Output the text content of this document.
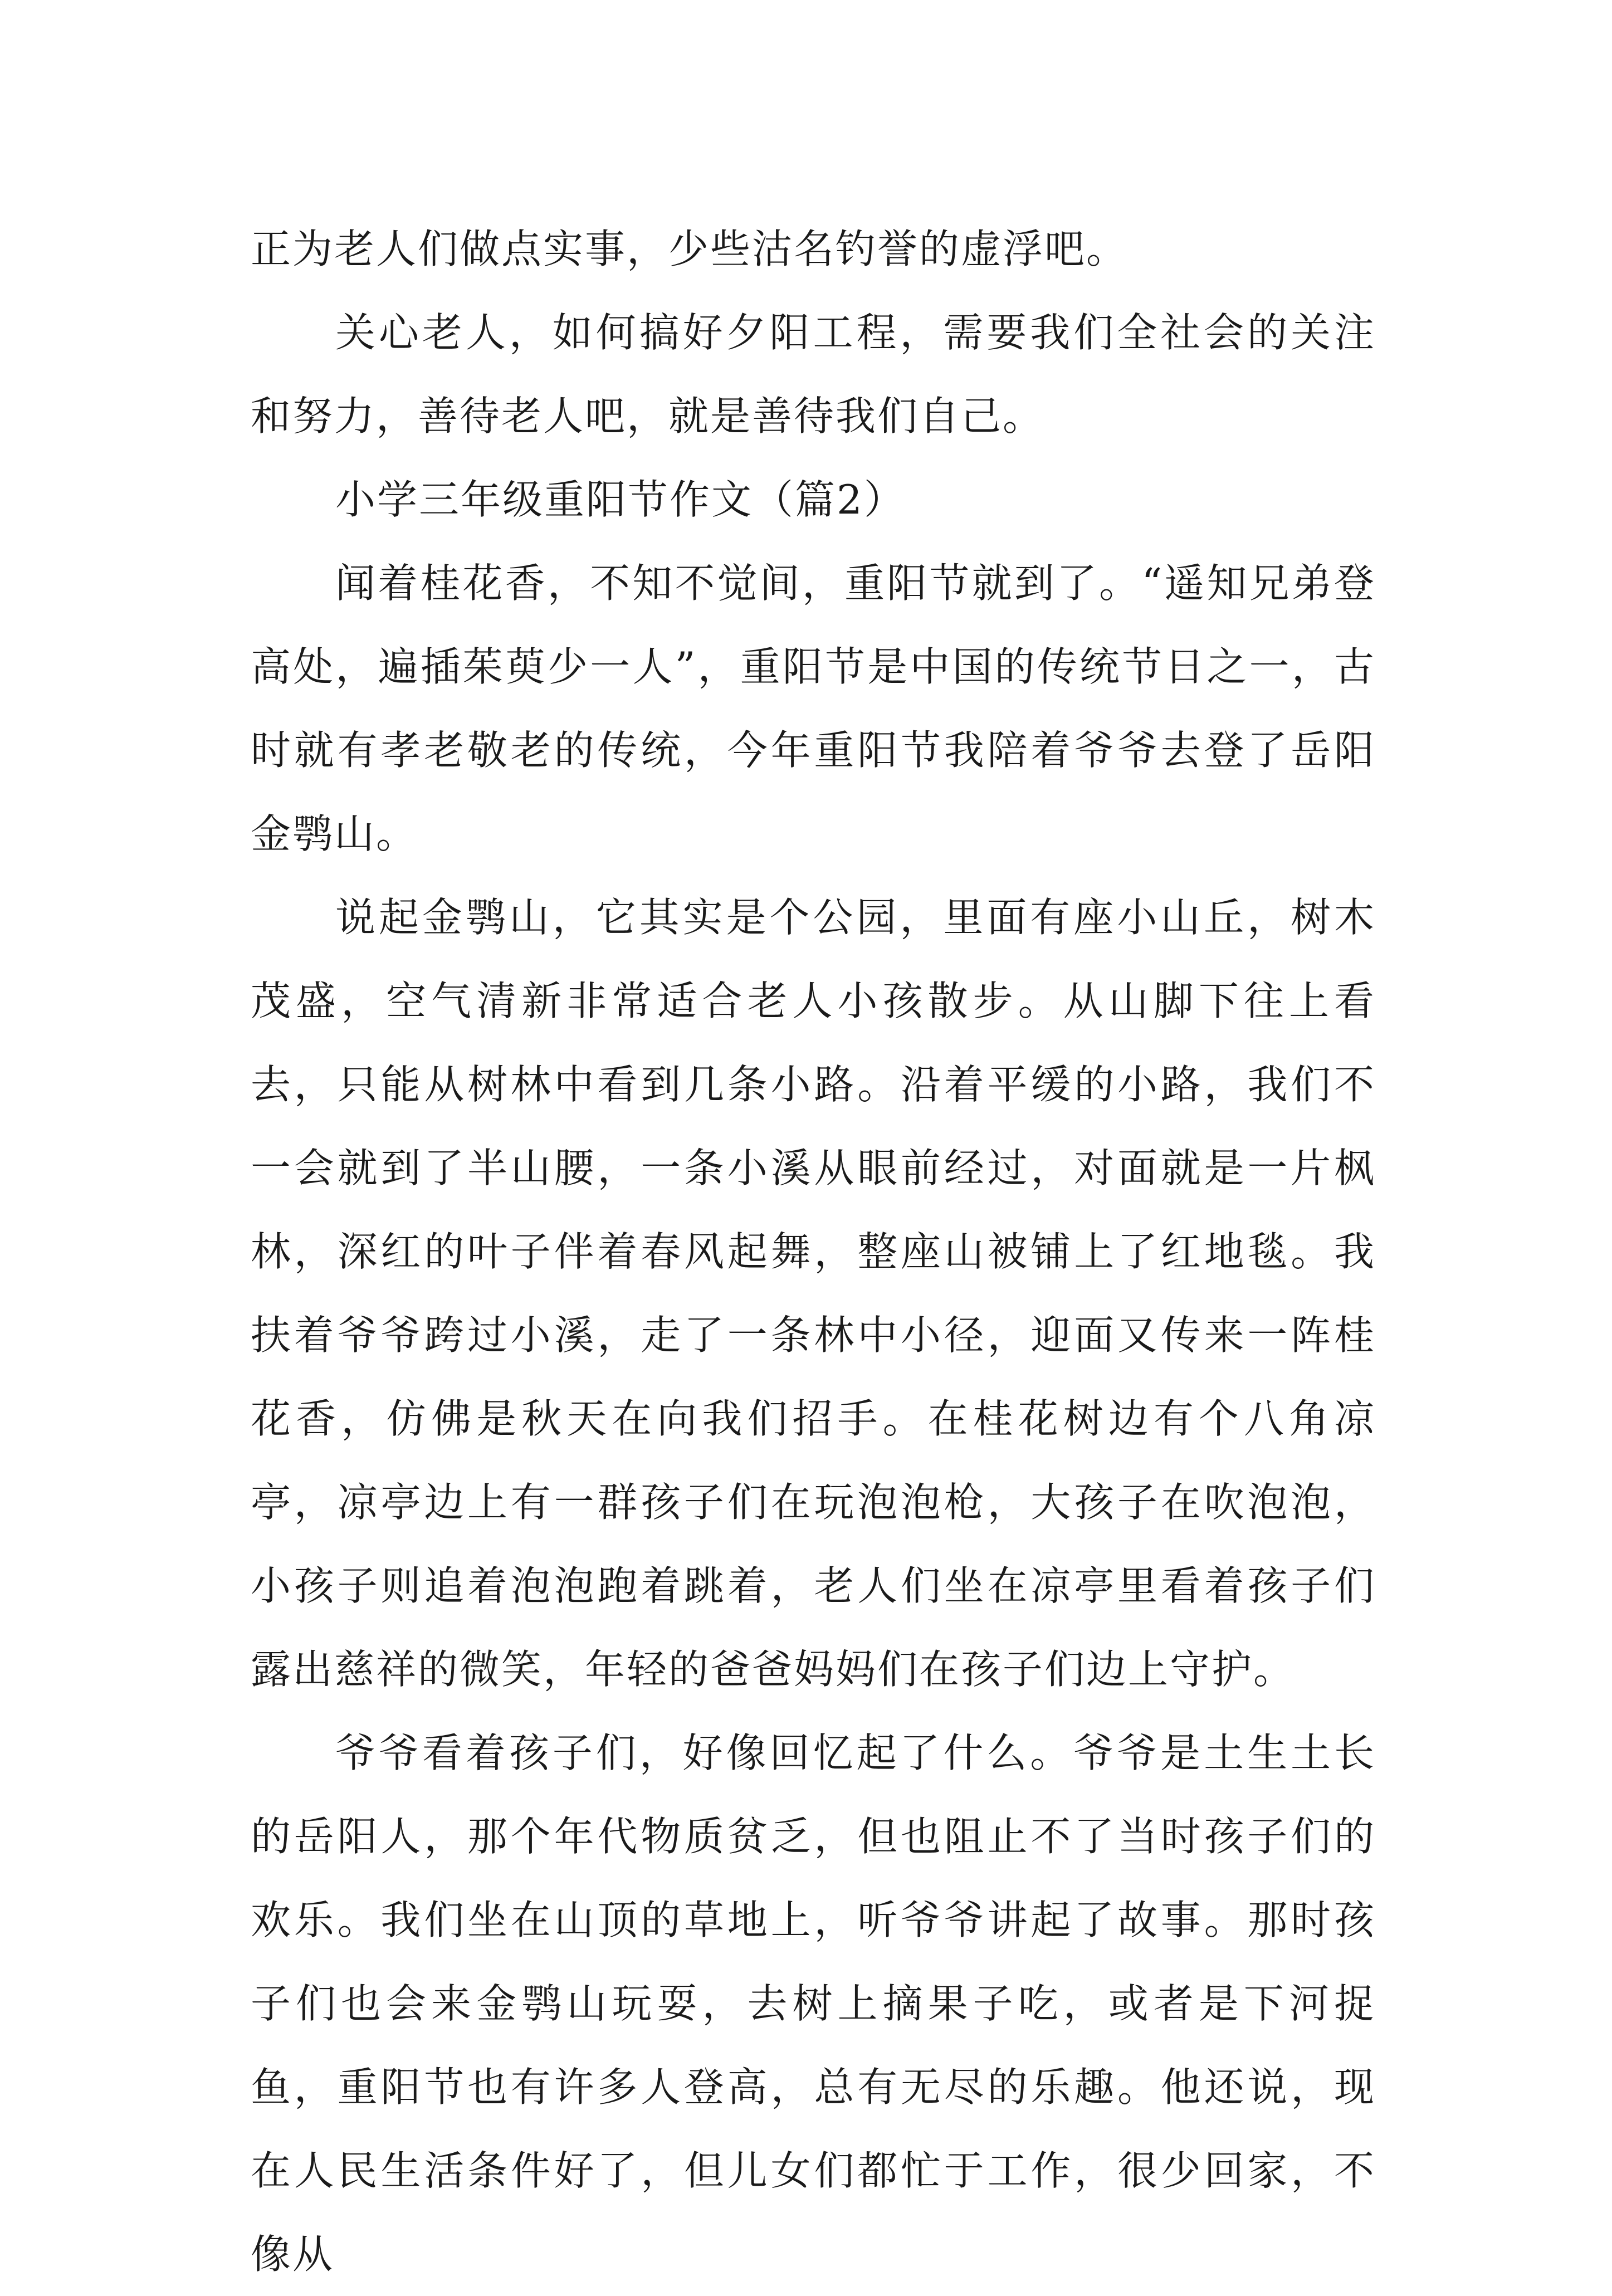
正为老人们做点实事，少些沽名钓誉的虚浮吧。

关心老人，如何搞好夕阳工程，需要我们全社会的关注和努力，善待老人吧，就是善待我们自己。

小学三年级重阳节作文（篇2）

闻着桂花香，不知不觉间，重阳节就到了。“遥知兄弟登高处，遍插茱萸少一人”，重阳节是中国的传统节日之一，古时就有孝老敬老的传统，今年重阳节我陪着爷爷去登了岳阳金鹗山。

说起金鹗山，它其实是个公园，里面有座小山丘，树木茂盛，空气清新非常适合老人小孩散步。从山脚下往上看去，只能从树林中看到几条小路。沿着平缓的小路，我们不一会就到了半山腰，一条小溪从眼前经过，对面就是一片枫林，深红的叶子伴着春风起舞，整座山被铺上了红地毯。我扶着爷爷跨过小溪，走了一条林中小径，迎面又传来一阵桂花香，仿佛是秋天在向我们招手。在桂花树边有个八角凉亭，凉亭边上有一群孩子们在玩泡泡枪，大孩子在吹泡泡，小孩子则追着泡泡跑着跳着，老人们坐在凉亭里看着孩子们露出慈祥的微笑，年轻的爸爸妈妈们在孩子们边上守护。

爷爷看着孩子们，好像回忆起了什么。爷爷是土生土长的岳阳人，那个年代物质贫乏，但也阻止不了当时孩子们的欢乐。我们坐在山顶的草地上，听爷爷讲起了故事。那时孩子们也会来金鹗山玩耍，去树上摘果子吃，或者是下河捉鱼，重阳节也有许多人登高，总有无尽的乐趣。他还说，现在人民生活条件好了，但儿女们都忙于工作，很少回家，不像从
